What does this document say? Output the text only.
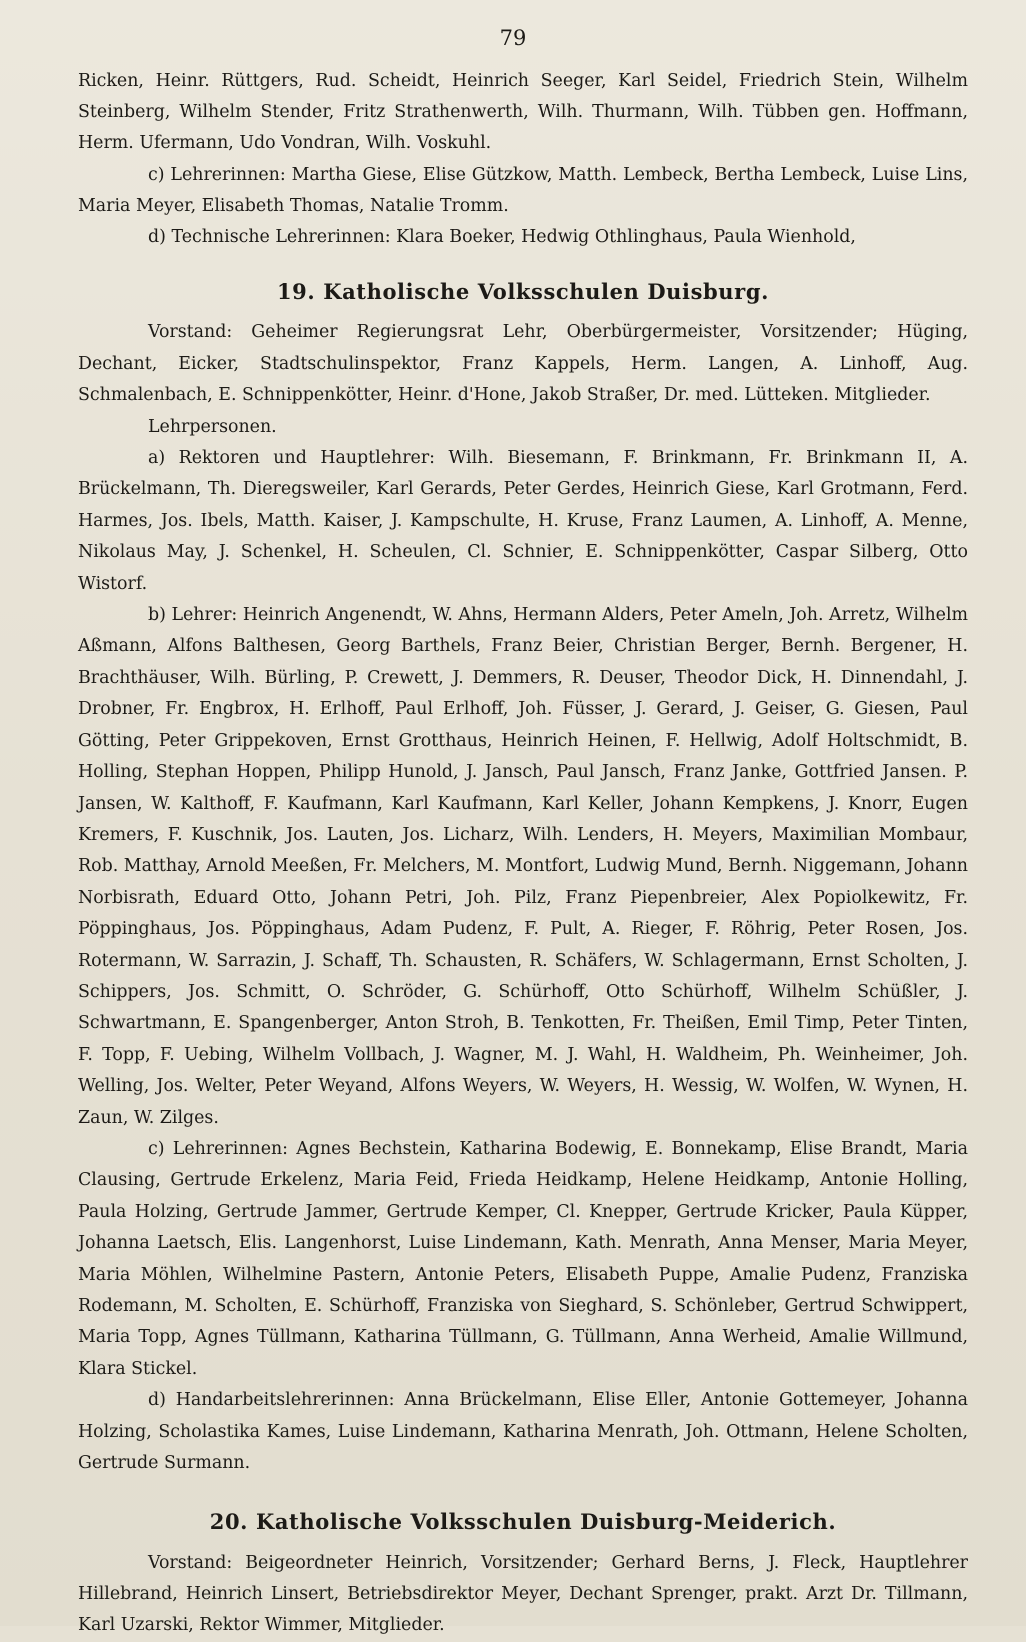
79

Ricken, Heinr. Rüttgers, Rud. Scheidt, Heinrich Seeger, Karl Seidel, Friedrich Stein, Wilhelm Steinberg, Wilhelm Stender, Fritz Strathenwerth, Wilh. Thurmann, Wilh. Tübben gen. Hoffmann, Herm. Ufermann, Udo Vondran, Wilh. Voskuhl.

c) Lehrerinnen: Martha Giese, Elise Gützkow, Matth. Lembeck, Bertha Lembeck, Luise Lins, Maria Meyer, Elisabeth Thomas, Natalie Tromm.

d) Technische Lehrerinnen: Klara Boeker, Hedwig Othlinghaus, Paula Wienhold,

19. Katholische Volksschulen Duisburg.

Vorstand: Geheimer Regierungsrat Lehr, Oberbürgermeister, Vorsitzender; Hüging, Dechant, Eicker, Stadtschulinspektor, Franz Kappels, Herm. Langen, A. Linhoff, Aug. Schmalenbach, E. Schnippenkötter, Heinr. d'Hone, Jakob Straßer, Dr. med. Lütteken. Mitglieder.

Lehrpersonen.

a) Rektoren und Hauptlehrer: Wilh. Biesemann, F. Brinkmann, Fr. Brinkmann II, A. Brückelmann, Th. Dieregsweiler, Karl Gerards, Peter Gerdes, Heinrich Giese, Karl Grotmann, Ferd. Harmes, Jos. Ibels, Matth. Kaiser, J. Kampschulte, H. Kruse, Franz Laumen, A. Linhoff, A. Menne, Nikolaus May, J. Schenkel, H. Scheulen, Cl. Schnier, E. Schnippenkötter, Caspar Silberg, Otto Wistorf.

b) Lehrer: Heinrich Angenendt, W. Ahns, Hermann Alders, Peter Ameln, Joh. Arretz, Wilhelm Aßmann, Alfons Balthesen, Georg Barthels, Franz Beier, Christian Berger, Bernh. Bergener, H. Brachthäuser, Wilh. Bürling, P. Crewett, J. Demmers, R. Deuser, Theodor Dick, H. Dinnendahl, J. Drobner, Fr. Engbrox, H. Erlhoff, Paul Erlhoff, Joh. Füsser, J. Gerard, J. Geiser, G. Giesen, Paul Götting, Peter Grippekoven, Ernst Grotthaus, Heinrich Heinen, F. Hellwig, Adolf Holtschmidt, B. Holling, Stephan Hoppen, Philipp Hunold, J. Jansch, Paul Jansch, Franz Janke, Gottfried Jansen. P. Jansen, W. Kalthoff, F. Kaufmann, Karl Kaufmann, Karl Keller, Johann Kempkens, J. Knorr, Eugen Kremers, F. Kuschnik, Jos. Lauten, Jos. Licharz, Wilh. Lenders, H. Meyers, Maximilian Mombaur, Rob. Matthay, Arnold Meeßen, Fr. Melchers, M. Montfort, Ludwig Mund, Bernh. Niggemann, Johann Norbisrath, Eduard Otto, Johann Petri, Joh. Pilz, Franz Piepenbreier, Alex Popiolkewitz, Fr. Pöppinghaus, Jos. Pöppinghaus, Adam Pudenz, F. Pult, A. Rieger, F. Röhrig, Peter Rosen, Jos. Rotermann, W. Sarrazin, J. Schaff, Th. Schausten, R. Schäfers, W. Schlagermann, Ernst Scholten, J. Schippers, Jos. Schmitt, O. Schröder, G. Schürhoff, Otto Schürhoff, Wilhelm Schüßler, J. Schwartmann, E. Spangenberger, Anton Stroh, B. Tenkotten, Fr. Theißen, Emil Timp, Peter Tinten, F. Topp, F. Uebing, Wilhelm Vollbach, J. Wagner, M. J. Wahl, H. Waldheim, Ph. Weinheimer, Joh. Welling, Jos. Welter, Peter Weyand, Alfons Weyers, W. Weyers, H. Wessig, W. Wolfen, W. Wynen, H. Zaun, W. Zilges.

c) Lehrerinnen: Agnes Bechstein, Katharina Bodewig, E. Bonnekamp, Elise Brandt, Maria Clausing, Gertrude Erkelenz, Maria Feid, Frieda Heidkamp, Helene Heidkamp, Antonie Holling, Paula Holzing, Gertrude Jammer, Gertrude Kemper, Cl. Knepper, Gertrude Kricker, Paula Küpper, Johanna Laetsch, Elis. Langenhorst, Luise Lindemann, Kath. Menrath, Anna Menser, Maria Meyer, Maria Möhlen, Wilhelmine Pastern, Antonie Peters, Elisabeth Puppe, Amalie Pudenz, Franziska Rodemann, M. Scholten, E. Schürhoff, Franziska von Sieghard, S. Schönleber, Gertrud Schwippert, Maria Topp, Agnes Tüllmann, Katharina Tüllmann, G. Tüllmann, Anna Werheid, Amalie Willmund, Klara Stickel.

d) Handarbeitslehrerinnen: Anna Brückelmann, Elise Eller, Antonie Gottemeyer, Johanna Holzing, Scholastika Kames, Luise Lindemann, Katharina Menrath, Joh. Ottmann, Helene Scholten, Gertrude Surmann.

20. Katholische Volksschulen Duisburg-Meiderich.

Vorstand: Beigeordneter Heinrich, Vorsitzender; Gerhard Berns, J. Fleck, Hauptlehrer Hillebrand, Heinrich Linsert, Betriebsdirektor Meyer, Dechant Sprenger, prakt. Arzt Dr. Tillmann, Karl Uzarski, Rektor Wimmer, Mitglieder.
